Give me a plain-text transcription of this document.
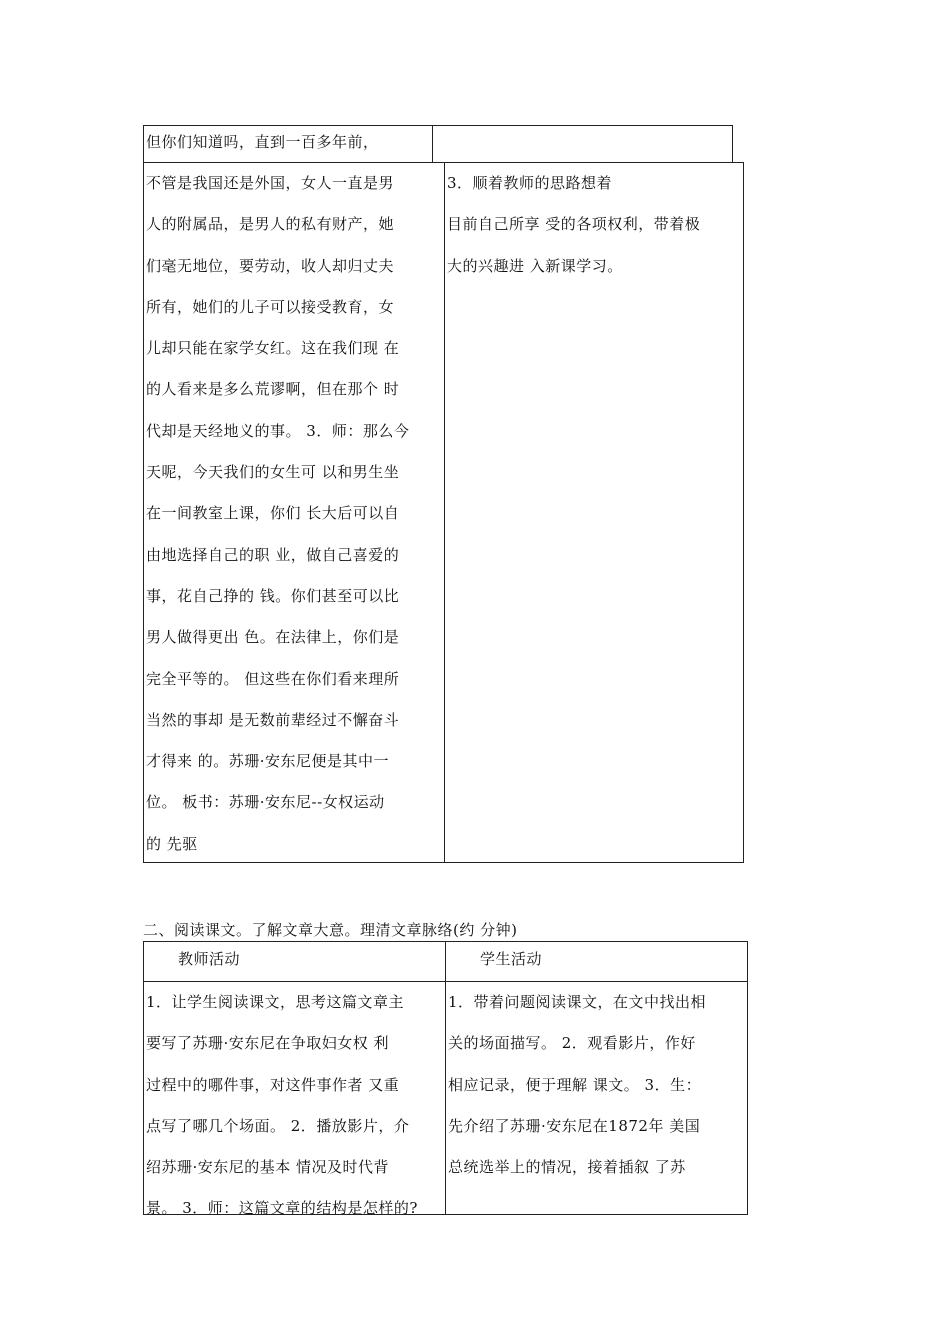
但你们知道吗，直到一百多年前，
不管是我国还是外国，女人一直是男
人的附属品，是男人的私有财产，她
们毫无地位，要劳动，收人却归丈夫
所有，她们的儿子可以接受教育，女
儿却只能在家学女红。这在我们现 在
的人看来是多么荒谬啊，但在那个 时
代却是天经地义的事。 3．师：那么今
天呢，今天我们的女生可 以和男生坐
在一间教室上课，你们 长大后可以自
由地选择自己的职 业，做自己喜爱的
事，花自己挣的 钱。你们甚至可以比
男人做得更出 色。在法律上，你们是
完全平等的。 但这些在你们看来理所
当然的事却 是无数前辈经过不懈奋斗
才得来 的。苏珊·安东尼便是其中一
位。 板书：苏珊·安东尼--女权运动
的 先驱
3．顺着教师的思路想着
目前自己所享 受的各项权利，带着极
大的兴趣进 入新课学习。
二、阅读课文。了解文章大意。理清文章脉络(约 分钟)
教师活动	学生活动
1．让学生阅读课文，思考这篇文章主
要写了苏珊·安东尼在争取妇女权 利
过程中的哪件事，对这件事作者 又重
点写了哪几个场面。 2．播放影片，介
绍苏珊·安东尼的基本 情况及时代背
景。 3．师：这篇文章的结构是怎样的?
1．带着问题阅读课文，在文中找出相
关的场面描写。 2．观看影片，作好
相应记录，便于理解 课文。 3．生：
先介绍了苏珊·安东尼在1872年 美国
总统选举上的情况，接着插叙 了苏
